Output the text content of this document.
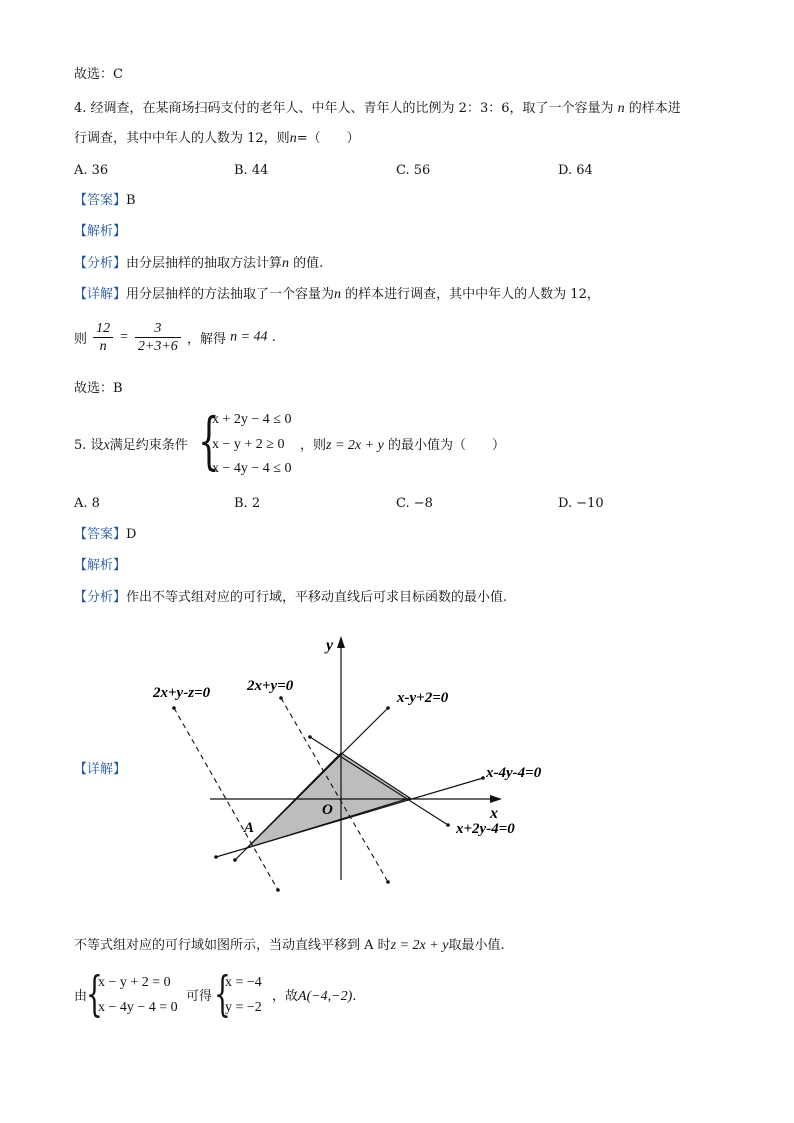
故选：C
4. 经调查，在某商场扫码支付的老年人、中年人、青年人的比例为 2：3：6，取了一个容量为 n 的样本进
行调查，其中中年人的人数为 12，则n=（　　）
A. 36	B. 44	C. 56	D. 64
【答案】B
【解析】
【分析】由分层抽样的抽取方法计算n 的值.
【详解】用分层抽样的方法抽取了一个容量为n 的样本进行调查，其中中年人的人数为 12，
则 $\frac{12}{n} = \frac{3}{2+3+6}$ ，解得 n = 44 .
故选：B
5. 设x满足约束条件 {
x + 2y − 4 ≤ 0
x − y + 2 ≥ 0
x − 4y − 4 ≤ 0
，则z = 2x + y 的最小值为（　　）
A. 8	B. 2	C. −8	D. −10
【答案】D
【解析】
【分析】作出不等式组对应的可行域，平移动直线后可求目标函数的最小值.
【详解】
y
x
O
A
2x+y-z=0 2x+y=0
x-y+2=0
x-4y-4=0
x+2y-4=0
不等式组对应的可行域如图所示，当动直线平移到 A 时z = 2x + y取最小值.
由
{
x − y + 2 = 0
x − 4y − 4 = 0
可得 {
x = −4
y = −2
，故A(−4,−2).
